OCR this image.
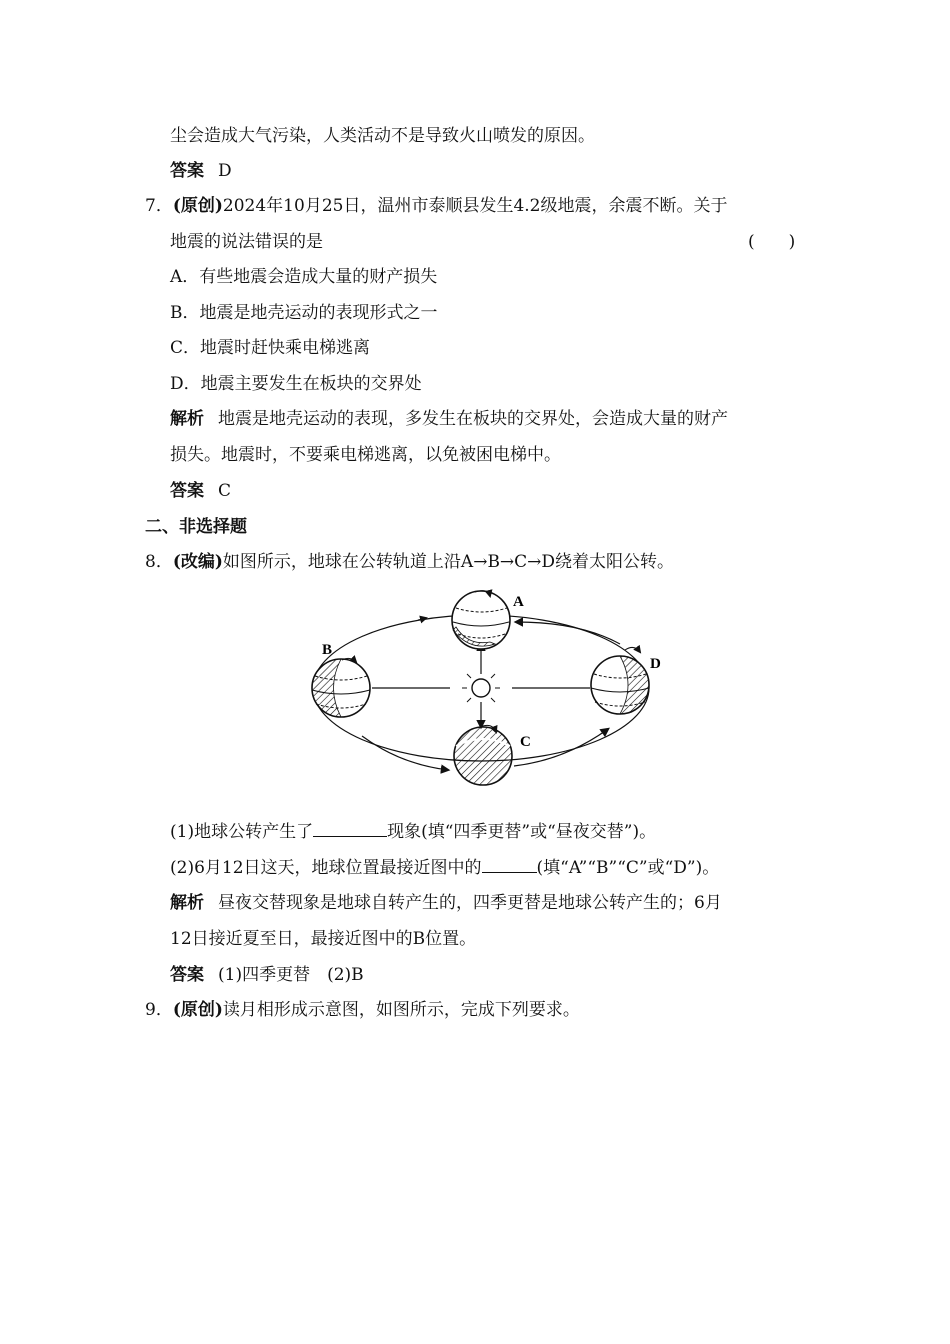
尘会造成大气污染，人类活动不是导致火山喷发的原因。
答案 D
7．(原创)2024年10月25日，温州市泰顺县发生4.2级地震，余震不断。关于
地震的说法错误的是	(　　)
A．有些地震会造成大量的财产损失
B．地震是地壳运动的表现形式之一
C．地震时赶快乘电梯逃离
D．地震主要发生在板块的交界处
解析 地震是地壳运动的表现，多发生在板块的交界处，会造成大量的财产
损失。地震时，不要乘电梯逃离，以免被困电梯中。
答案 C
二、非选择题
8．(改编)如图所示，地球在公转轨道上沿A→B→C→D绕着太阳公转。
A
B
C
D
(1)地球公转产生了	现象(填“四季更替”或“昼夜交替”)。
(2)6月12日这天，地球位置最接近图中的	(填“A”“B”“C”或“D”)。
解析 昼夜交替现象是地球自转产生的，四季更替是地球公转产生的；6月
12日接近夏至日，最接近图中的B位置。
答案 (1)四季更替　(2)B
9．(原创)读月相形成示意图，如图所示，完成下列要求。
